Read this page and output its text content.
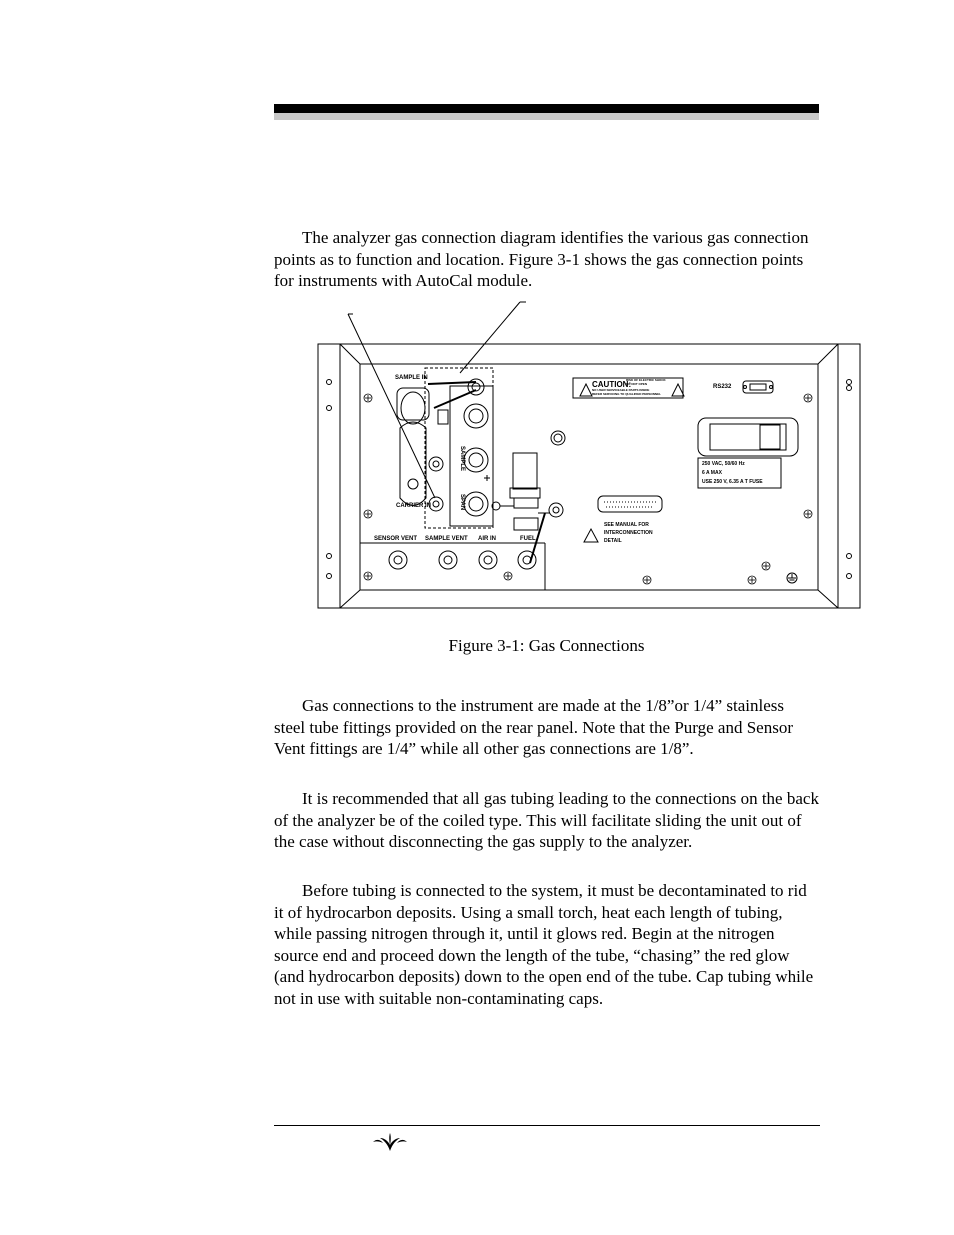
The analyzer gas connection diagram identifies the various gas connection points as to function and location. Figure 3-1 shows the gas connection points for instruments with AutoCal module.

SAMPLE IN
CARRIER IN
SAMPLE
SPAN
SENSOR VENT SAMPLE VENT AIR IN	FUEL
CAUTION:
RISK OF ELECTRIC SHOCK
DO NOT OPEN
NO USER SERVICEABLE PARTS INSIDE
REFER SERVICING TO QUALIFIED PERSONNEL
RS232
250 VAC, 50/60 Hz
6 A MAX
USE 250 V, 6.35 A T FUSE
SEE MANUAL FOR
INTERCONNECTION
DETAIL
Figure 3-1: Gas Connections

Gas connections to the instrument are made at the 1/8”or 1/4” stainless steel tube fittings provided on the rear panel. Note that the Purge and Sensor Vent fittings are 1/4” while all other gas connections are 1/8”.

It is recommended that all gas tubing leading to the connections on the back of the analyzer be of the coiled type. This will facilitate sliding the unit out of the case without disconnecting the gas supply to the analyzer.

Before tubing is connected to the system, it must be decontaminated to rid it of hydrocarbon deposits. Using a small torch, heat each length of tubing, while passing nitrogen through it, until it glows red. Begin at the nitrogen source end and proceed down the length of the tube, “chasing” the red glow (and hydrocarbon deposits) down to the open end of the tube. Cap tubing while not in use with suitable non-contaminating caps.
